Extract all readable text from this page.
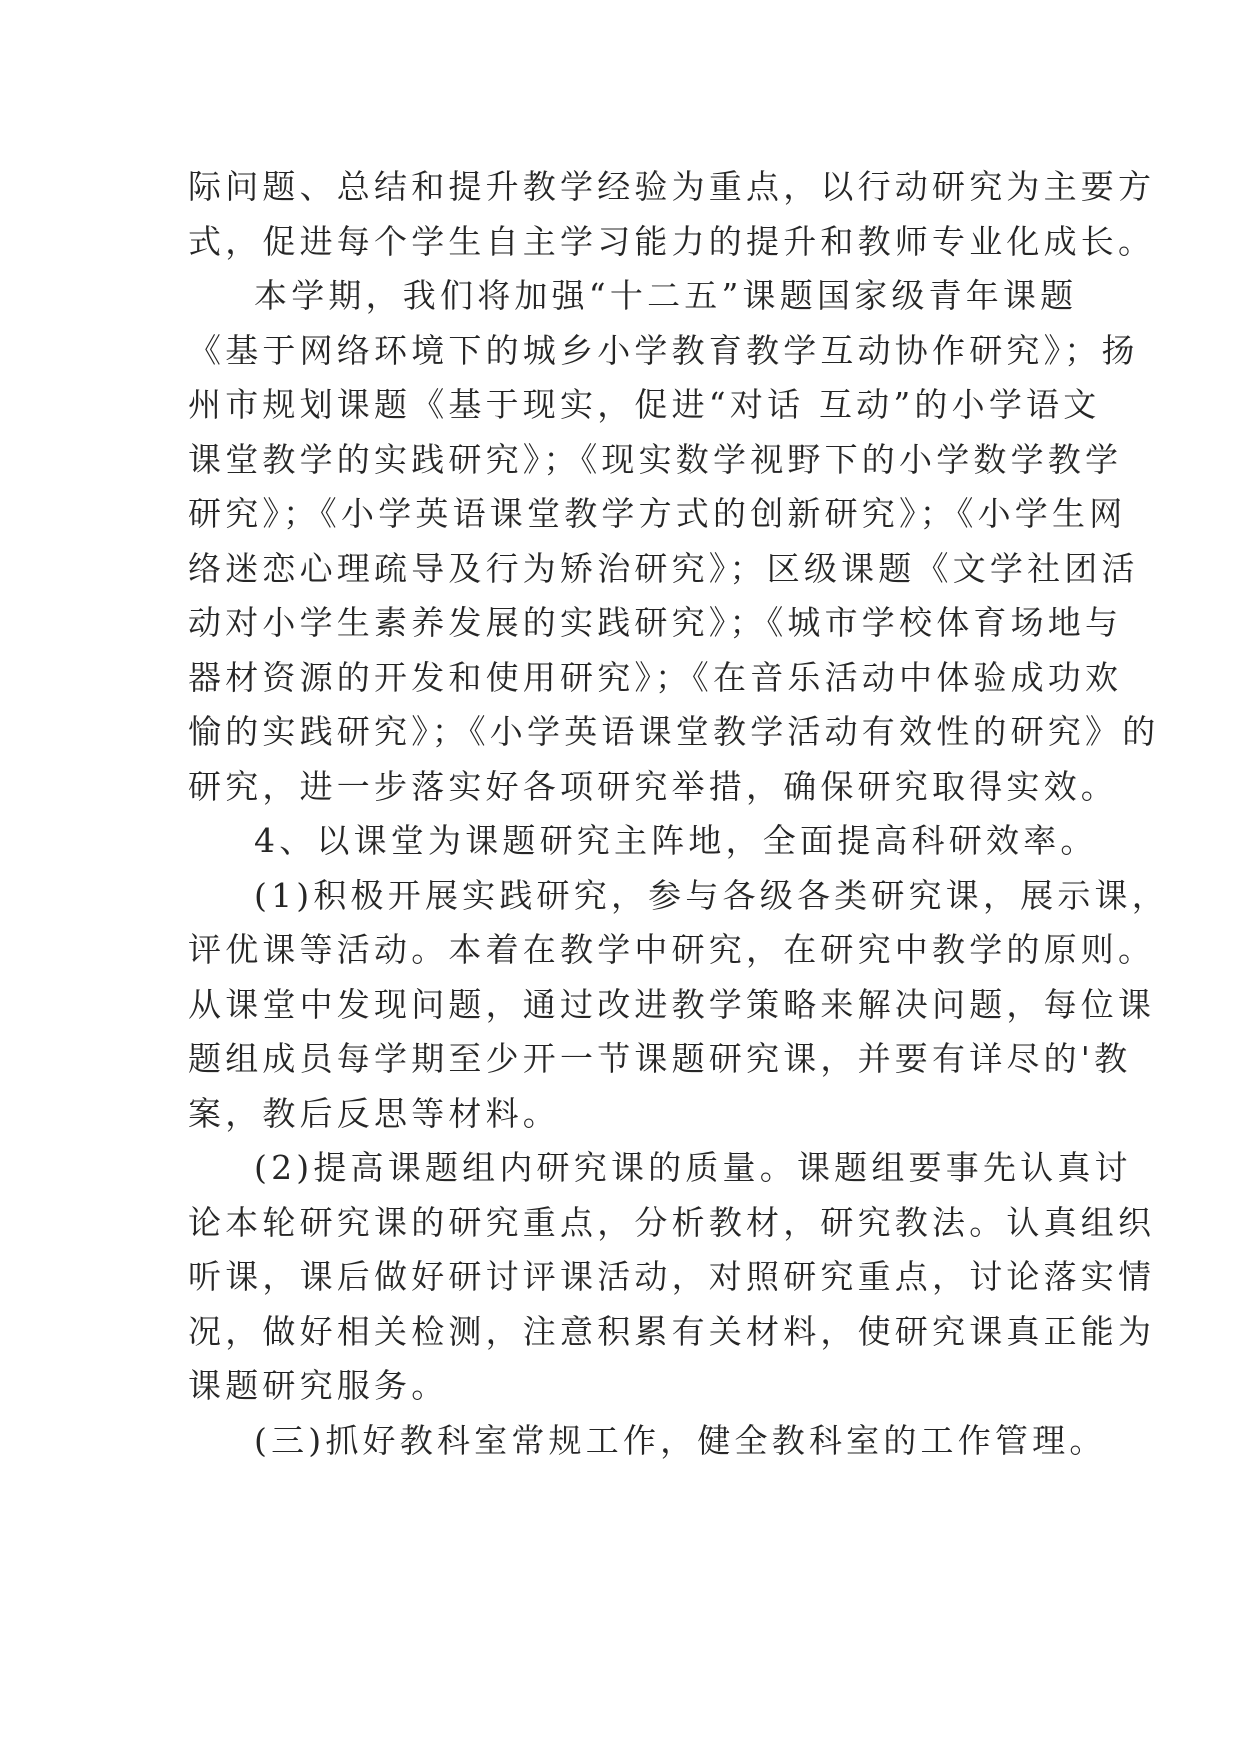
际问题、总结和提升教学经验为重点，以行动研究为主要方
式，促进每个学生自主学习能力的提升和教师专业化成长。
本学期，我们将加强“十二五”课题国家级青年课题
《基于网络环境下的城乡小学教育教学互动协作研究》；扬
州市规划课题《基于现实，促进“对话 互动”的小学语文
课堂教学的实践研究》；《现实数学视野下的小学数学教学
研究》；《小学英语课堂教学方式的创新研究》；《小学生网
络迷恋心理疏导及行为矫治研究》；区级课题《文学社团活
动对小学生素养发展的实践研究》；《城市学校体育场地与
器材资源的开发和使用研究》；《在音乐活动中体验成功欢
愉的实践研究》；《小学英语课堂教学活动有效性的研究》的
研究，进一步落实好各项研究举措，确保研究取得实效。
4、以课堂为课题研究主阵地，全面提高科研效率。
(1)积极开展实践研究，参与各级各类研究课，展示课，
评优课等活动。本着在教学中研究，在研究中教学的原则。
从课堂中发现问题，通过改进教学策略来解决问题，每位课
题组成员每学期至少开一节课题研究课，并要有详尽的'教
案，教后反思等材料。
(2)提高课题组内研究课的质量。课题组要事先认真讨
论本轮研究课的研究重点，分析教材，研究教法。认真组织
听课，课后做好研讨评课活动，对照研究重点，讨论落实情
况，做好相关检测，注意积累有关材料，使研究课真正能为
课题研究服务。
(三)抓好教科室常规工作，健全教科室的工作管理。
